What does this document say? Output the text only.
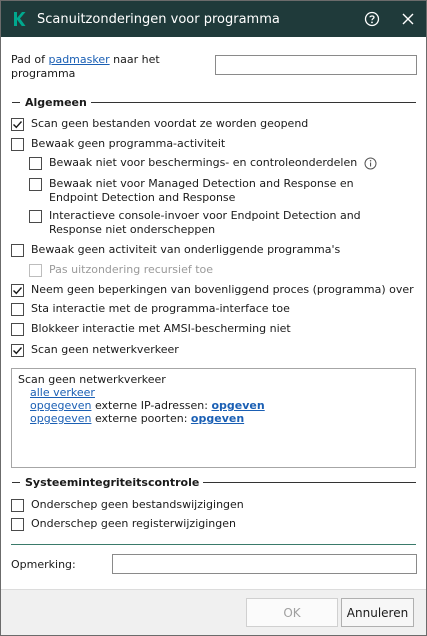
Scanuitzonderingen voor programma
Pad of padmasker naar het programma
Algemeen
Scan geen bestanden voordat ze worden geopend
Bewaak geen programma-activiteit
Bewaak niet voor beschermings- en controleonderdelen
Bewaak niet voor Managed Detection and Response en Endpoint Detection and Response
Interactieve console-invoer voor Endpoint Detection and Response niet onderscheppen
Bewaak geen activiteit van onderliggende programma's
Pas uitzondering recursief toe
Neem geen beperkingen van bovenliggend proces (programma) over
Sta interactie met de programma-interface toe
Blokkeer interactie met AMSI-bescherming niet
Scan geen netwerkverkeer
Scan geen netwerkverkeer
alle verkeer
opgegeven externe IP-adressen: opgeven
opgegeven externe poorten: opgeven
Systeemintegriteitscontrole
Onderschep geen bestandswijzigingen
Onderschep geen registerwijzigingen
Opmerking:
OK	Annuleren
